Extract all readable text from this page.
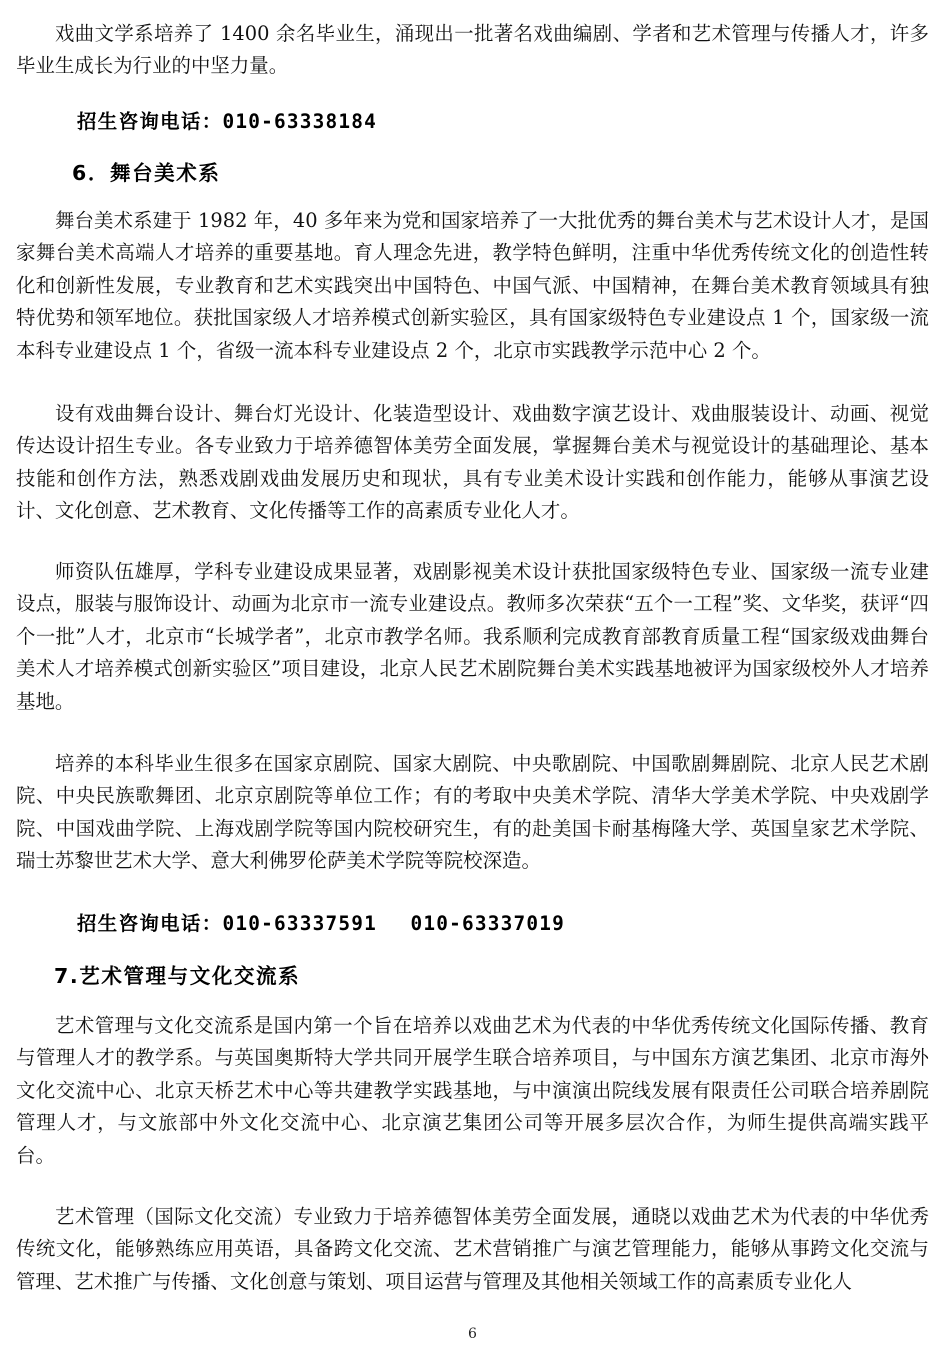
戏曲文学系培养了 1400 余名毕业生，涌现出一批著名戏曲编剧、学者和艺术管理与传播人才，许多毕业生成长为行业的中坚力量。

招生咨询电话：010-63338184
6．舞台美术系

舞台美术系建于 1982 年，40 多年来为党和国家培养了一大批优秀的舞台美术与艺术设计人才，是国家舞台美术高端人才培养的重要基地。育人理念先进，教学特色鲜明，注重中华优秀传统文化的创造性转化和创新性发展，专业教育和艺术实践突出中国特色、中国气派、中国精神，在舞台美术教育领域具有独特优势和领军地位。获批国家级人才培养模式创新实验区，具有国家级特色专业建设点 1 个，国家级一流本科专业建设点 1 个，省级一流本科专业建设点 2 个，北京市实践教学示范中心 2 个。

设有戏曲舞台设计、舞台灯光设计、化装造型设计、戏曲数字演艺设计、戏曲服装设计、动画、视觉传达设计招生专业。各专业致力于培养德智体美劳全面发展，掌握舞台美术与视觉设计的基础理论、基本技能和创作方法，熟悉戏剧戏曲发展历史和现状，具有专业美术设计实践和创作能力，能够从事演艺设计、文化创意、艺术教育、文化传播等工作的高素质专业化人才。

师资队伍雄厚，学科专业建设成果显著，戏剧影视美术设计获批国家级特色专业、国家级一流专业建设点，服装与服饰设计、动画为北京市一流专业建设点。教师多次荣获“五个一工程”奖、文华奖，获评“四个一批”人才，北京市“长城学者”，北京市教学名师。我系顺利完成教育部教育质量工程“国家级戏曲舞台美术人才培养模式创新实验区”项目建设，北京人民艺术剧院舞台美术实践基地被评为国家级校外人才培养基地。

培养的本科毕业生很多在国家京剧院、国家大剧院、中央歌剧院、中国歌剧舞剧院、北京人民艺术剧院、中央民族歌舞团、北京京剧院等单位工作；有的考取中央美术学院、清华大学美术学院、中央戏剧学院、中国戏曲学院、上海戏剧学院等国内院校研究生，有的赴美国卡耐基梅隆大学、英国皇家艺术学院、瑞士苏黎世艺术大学、意大利佛罗伦萨美术学院等院校深造。

招生咨询电话：010-63337591　 010-63337019
7.艺术管理与文化交流系

艺术管理与文化交流系是国内第一个旨在培养以戏曲艺术为代表的中华优秀传统文化国际传播、教育与管理人才的教学系。与英国奥斯特大学共同开展学生联合培养项目，与中国东方演艺集团、北京市海外文化交流中心、北京天桥艺术中心等共建教学实践基地，与中演演出院线发展有限责任公司联合培养剧院管理人才，与文旅部中外文化交流中心、北京演艺集团公司等开展多层次合作，为师生提供高端实践平台。

艺术管理（国际文化交流）专业致力于培养德智体美劳全面发展，通晓以戏曲艺术为代表的中华优秀传统文化，能够熟练应用英语，具备跨文化交流、艺术营销推广与演艺管理能力，能够从事跨文化交流与管理、艺术推广与传播、文化创意与策划、项目运营与管理及其他相关领域工作的高素质专业化人

6
